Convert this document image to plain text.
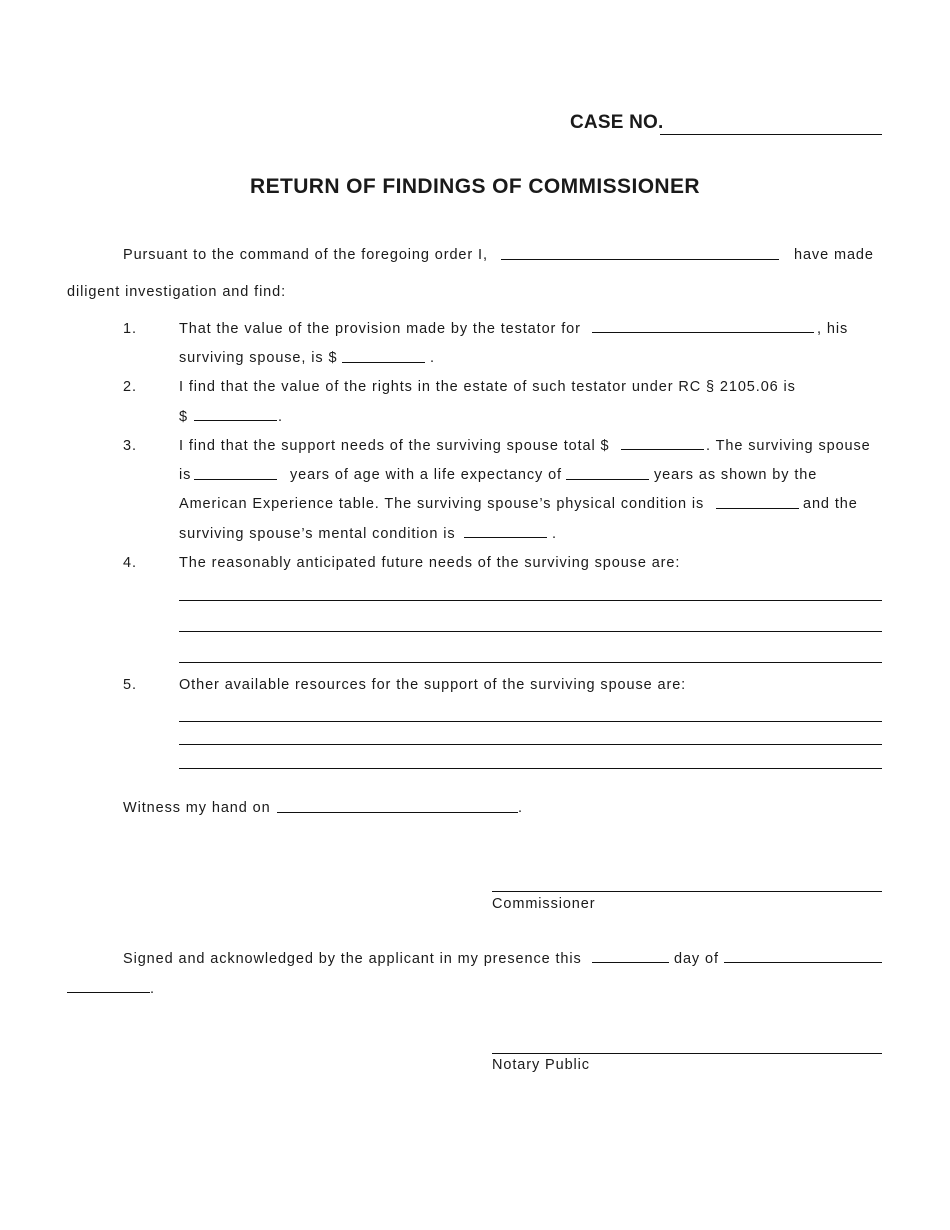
CASE NO.
RETURN OF FINDINGS OF COMMISSIONER
Pursuant to the command of the foregoing order I,	have made
diligent investigation and find:
1.	That the value of the provision made by the testator for	, his
surviving spouse, is $	.
2.	I find that the value of the rights in the estate of such testator under RC § 2105.06 is
$	.
3.	I find that the support needs of the surviving spouse total $	. The surviving spouse
is	years of age with a life expectancy of	years as shown by the
American Experience table. The surviving spouse’s physical condition is	and the
surviving spouse’s mental condition is	.
4.	The reasonably anticipated future needs of the surviving spouse are:
5.	Other available resources for the support of the surviving spouse are:
Witness my hand on	.
Commissioner
Signed and acknowledged by the applicant in my presence this	day of
.
Notary Public
